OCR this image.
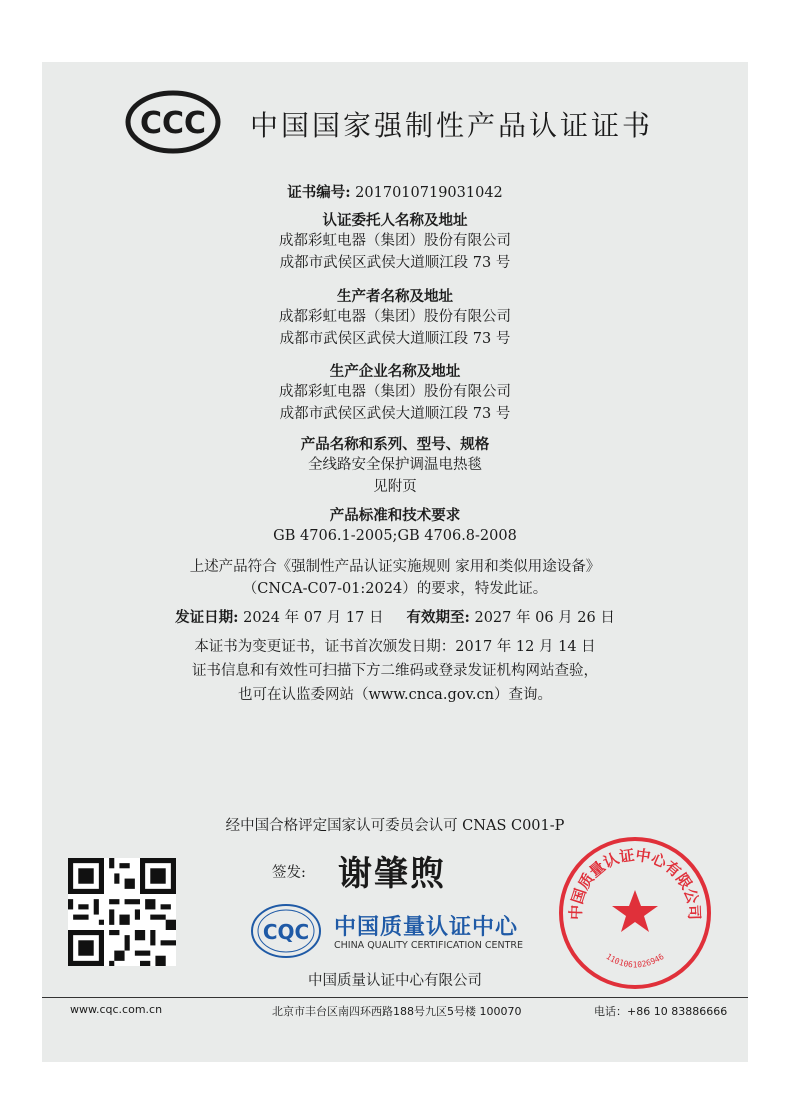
CCC 中国国家强制性产品认证证书
证书编号: 2017010719031042
认证委托人名称及地址
成都彩虹电器（集团）股份有限公司
成都市武侯区武侯大道顺江段 73 号
生产者名称及地址
成都彩虹电器（集团）股份有限公司
成都市武侯区武侯大道顺江段 73 号
生产企业名称及地址
成都彩虹电器（集团）股份有限公司
成都市武侯区武侯大道顺江段 73 号
产品名称和系列、型号、规格
全线路安全保护调温电热毯
见附页
产品标准和技术要求
GB 4706.1-2005;GB 4706.8-2008
上述产品符合《强制性产品认证实施规则 家用和类似用途设备》
（CNCA-C07-01:2024）的要求，特发此证。
发证日期: 2024 年 07 月 17 日 有效期至: 2027 年 06 月 26 日
本证书为变更证书，证书首次颁发日期：2017 年 12 月 14 日
证书信息和有效性可扫描下方二维码或登录发证机构网站查验，
也可在认监委网站（www.cnca.gov.cn）查询。
经中国合格评定国家认可委员会认可 CNAS C001-P
签发: 谢肇煦
CQC 中国质量认证中心
CHINA QUALITY CERTIFICATION CENTRE
中国质量认证中心有限公司
中国质量认证中心有限公司
1101061026946
www.cqc.com.cn	北京市丰台区南四环西路188号九区5号楼 100070	电话：+86 10 83886666
